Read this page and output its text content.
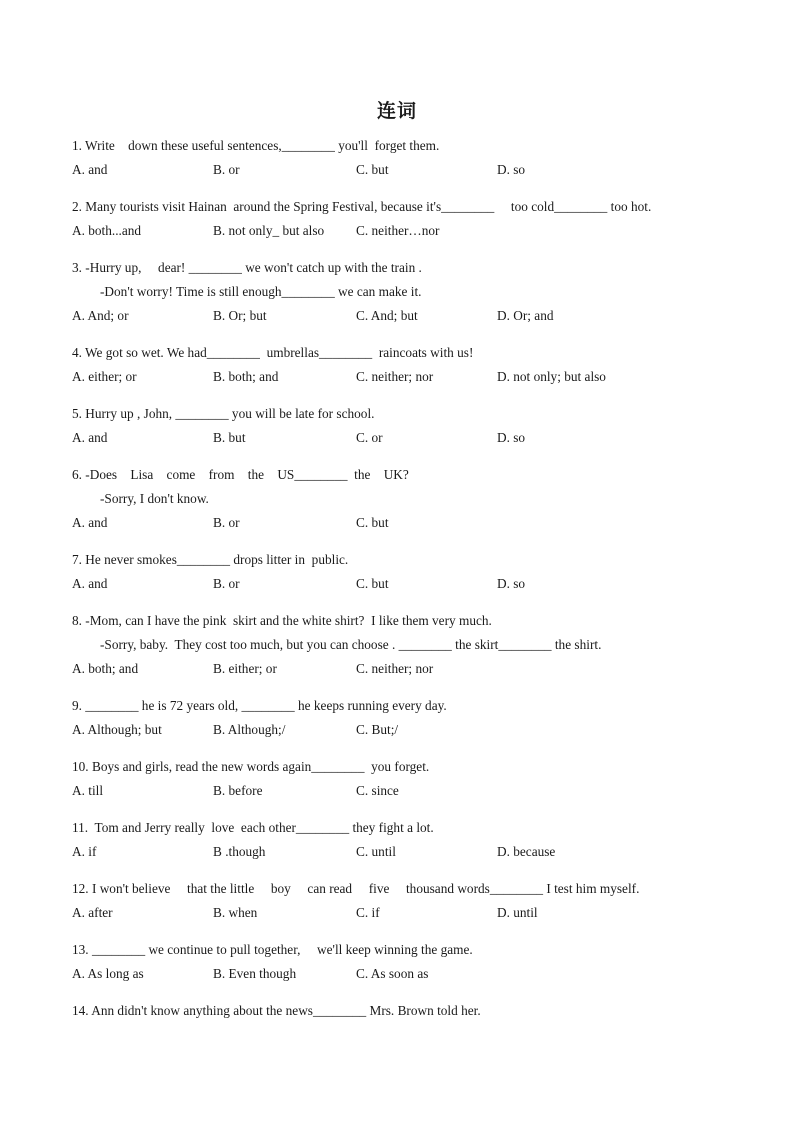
连词
1. Write    down these useful sentences,________ you'll  forget them.
A. and	B. or	C. but	D. so
2. Many tourists visit Hainan  around the Spring Festival, because it's________     too cold________ too hot.
A. both...and	B. not only_ but also C. neither…nor
3. -Hurry up,     dear! ________ we won't catch up with the train .
-Don't worry! Time is still enough________ we can make it.
A. And; or	B. Or; but	C. And; but	D. Or; and
4. We got so wet. We had________  umbrellas________  raincoats with us!
A. either; or	B. both; and	C. neither; nor	D. not only; but also
5. Hurry up , John, ________ you will be late for school.
A. and	B. but	C. or	D. so
6. -Does    Lisa    come    from    the    US________  the    UK?
-Sorry, I don't know.
A. and	B. or	C. but
7. He never smokes________ drops litter in  public.
A. and	B. or	C. but	D. so
8. -Mom, can I have the pink  skirt and the white shirt?  I like them very much.
-Sorry, baby.  They cost too much, but you can choose . ________ the skirt________ the shirt.
A. both; and	B. either; or	C. neither; nor
9. ________ he is 72 years old, ________ he keeps running every day.
A. Although; but	B. Although;/	C. But;/
10. Boys and girls, read the new words again________  you forget.
A. till	B. before	C. since
11.  Tom and Jerry really  love  each other________ they fight a lot.
A. if	B .though	C. until	D. because
12. I won't believe     that the little     boy     can read     five     thousand words________ I test him myself.
A. after	B. when	C. if	D. until
13. ________ we continue to pull together,     we'll keep winning the game.
A. As long as	B. Even though	C. As soon as
14. Ann didn't know anything about the news________ Mrs. Brown told her.
